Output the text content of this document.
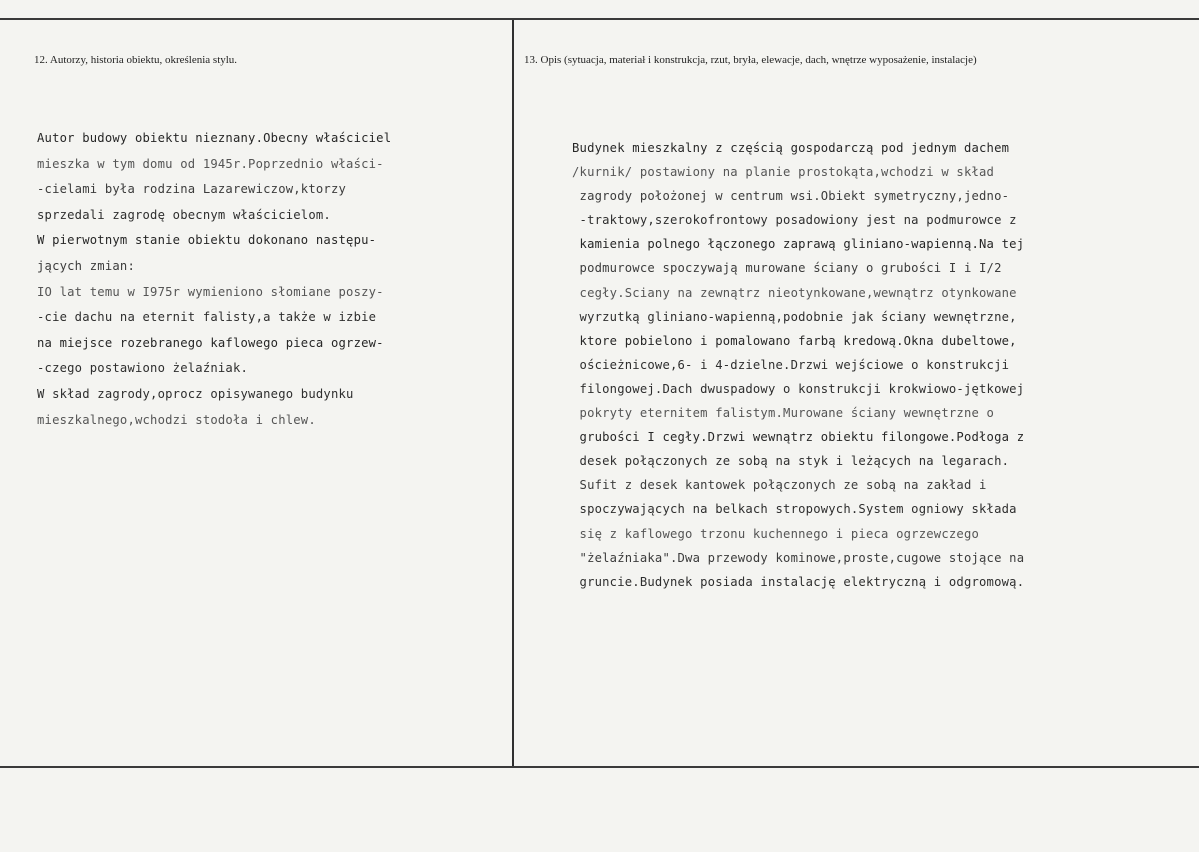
12. Autorzy, historia obiektu, określenia stylu.	13. Opis (sytuacja, materiał i konstrukcja, rzut, bryła, elewacje, dach, wnętrze wyposażenie, instalacje)
Autor budowy obiektu nieznany.Obecny właściciel
mieszka w tym domu od 1945r.Poprzednio właści-
-cielami była rodzina Lazarewiczow,ktorzy
sprzedali zagrodę obecnym właścicielom.
W pierwotnym stanie obiektu dokonano następu-
jących zmian:
IO lat temu w I975r wymieniono słomiane poszy-
-cie dachu na eternit falisty,a także w izbie
na miejsce rozebranego kaflowego pieca ogrzew-
-czego postawiono żelaźniak.
W skład zagrody,oprocz opisywanego budynku
mieszkalnego,wchodzi stodoła i chlew.
Budynek mieszkalny z częścią gospodarczą pod jednym dachem
/kurnik/ postawiony na planie prostokąta,wchodzi w skład
zagrody położonej w centrum wsi.Obiekt symetryczny,jedno-
-traktowy,szerokofrontowy posadowiony jest na podmurowce z
kamienia polnego łączonego zaprawą gliniano-wapienną.Na tej
podmurowce spoczywają murowane ściany o grubości I i I/2
cegły.Sciany na zewnątrz nieotynkowane,wewnątrz otynkowane
wyrzutką gliniano-wapienną,podobnie jak ściany wewnętrzne,
ktore pobielono i pomalowano farbą kredową.Okna dubeltowe,
ościeżnicowe,6- i 4-dzielne.Drzwi wejściowe o konstrukcji
filongowej.Dach dwuspadowy o konstrukcji krokwiowo-jętkowej
pokryty eternitem falistym.Murowane ściany wewnętrzne o
grubości I cegły.Drzwi wewnątrz obiektu filongowe.Podłoga z
desek połączonych ze sobą na styk i leżących na legarach.
Sufit z desek kantowek połączonych ze sobą na zakład i
spoczywających na belkach stropowych.System ogniowy składa
się z kaflowego trzonu kuchennego i pieca ogrzewczego
"żelaźniaka".Dwa przewody kominowe,proste,cugowe stojące na
gruncie.Budynek posiada instalację elektryczną i odgromową.
